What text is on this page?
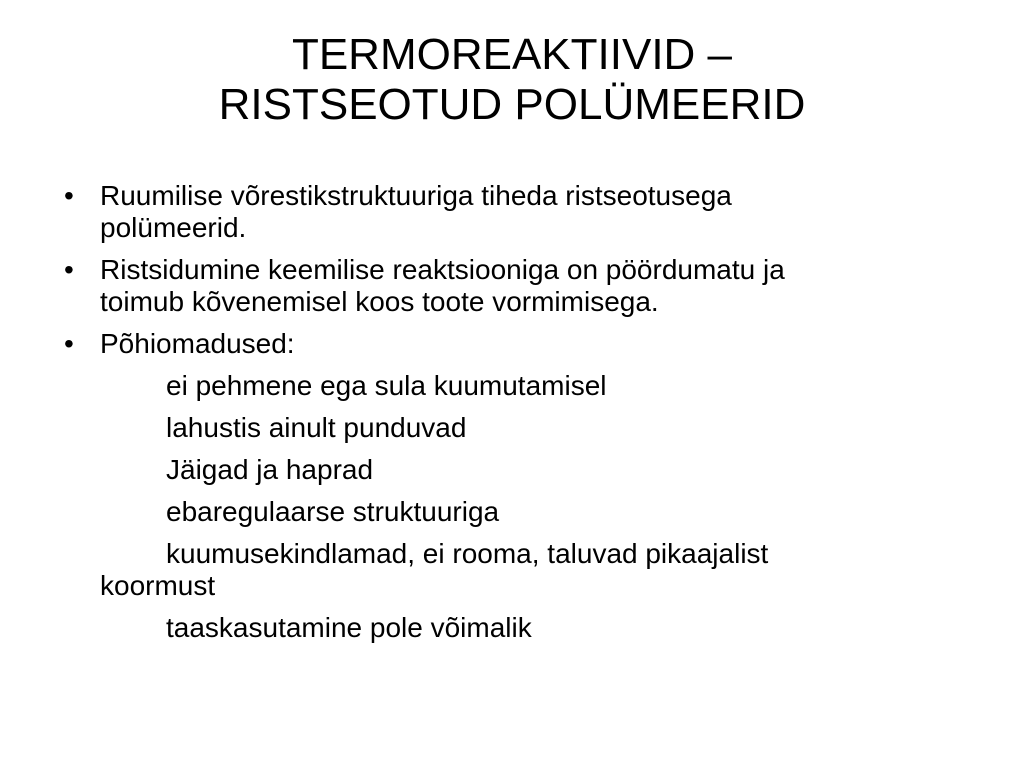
TERMOREAKTIIVID –
RISTSEOTUD POLÜMEERID
• Ruumilise võrestikstruktuuriga tiheda ristseotusega
polümeerid.
• Ristsidumine keemilise reaktsiooniga on pöördumatu ja
toimub kõvenemisel koos toote vormimisega.
• Põhiomadused:
ei pehmene ega sula kuumutamisel
lahustis ainult punduvad
Jäigad ja haprad
ebaregulaarse struktuuriga
kuumusekindlamad, ei rooma, taluvad pikaajalist
koormust
taaskasutamine pole võimalik
